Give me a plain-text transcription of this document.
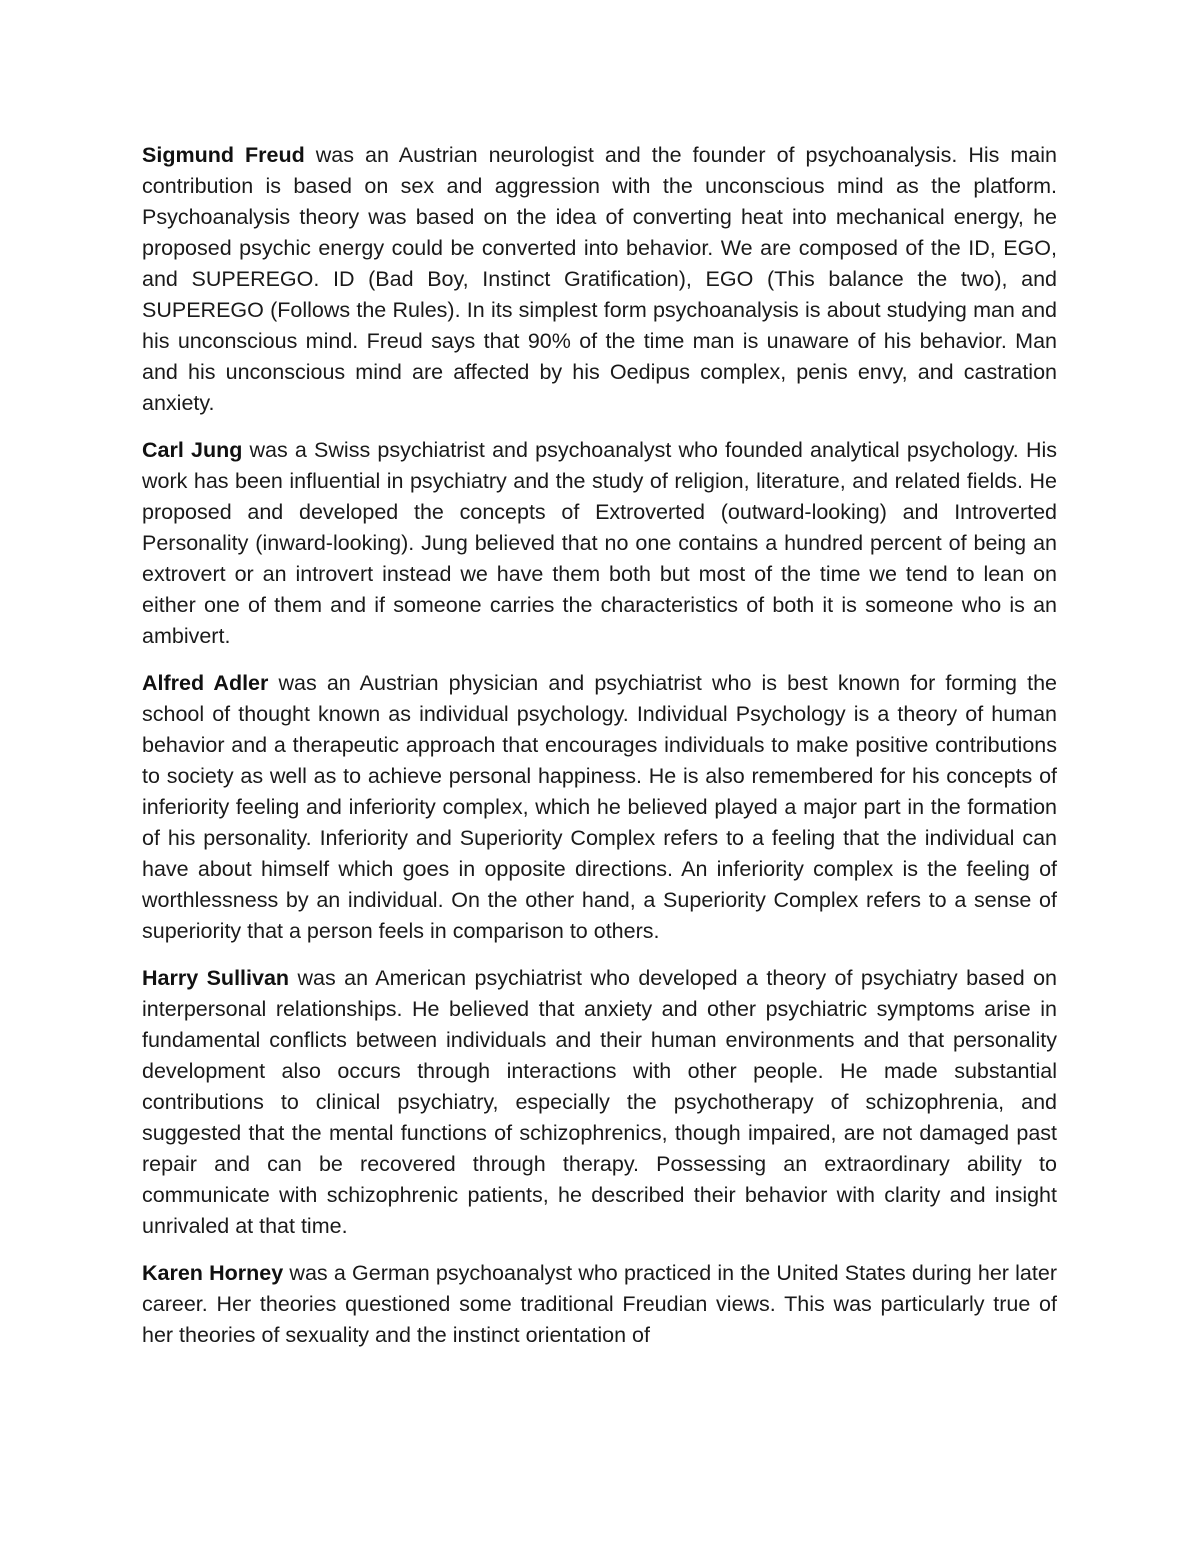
Sigmund Freud was an Austrian neurologist and the founder of psychoanalysis. His main contribution is based on sex and aggression with the unconscious mind as the platform. Psychoanalysis theory was based on the idea of converting heat into mechanical energy, he proposed psychic energy could be converted into behavior. We are composed of the ID, EGO, and SUPEREGO. ID (Bad Boy, Instinct Gratification), EGO (This balance the two), and SUPEREGO (Follows the Rules). In its simplest form psychoanalysis is about studying man and his unconscious mind. Freud says that 90% of the time man is unaware of his behavior. Man and his unconscious mind are affected by his Oedipus complex, penis envy, and castration anxiety.

Carl Jung was a Swiss psychiatrist and psychoanalyst who founded analytical psychology. His work has been influential in psychiatry and the study of religion, literature, and related fields. He proposed and developed the concepts of Extroverted (outward-looking) and Introverted Personality (inward-looking). Jung believed that no one contains a hundred percent of being an extrovert or an introvert instead we have them both but most of the time we tend to lean on either one of them and if someone carries the characteristics of both it is someone who is an ambivert.

Alfred Adler was an Austrian physician and psychiatrist who is best known for forming the school of thought known as individual psychology. Individual Psychology is a theory of human behavior and a therapeutic approach that encourages individuals to make positive contributions to society as well as to achieve personal happiness. He is also remembered for his concepts of inferiority feeling and inferiority complex, which he believed played a major part in the formation of his personality. Inferiority and Superiority Complex refers to a feeling that the individual can have about himself which goes in opposite directions. An inferiority complex is the feeling of worthlessness by an individual. On the other hand, a Superiority Complex refers to a sense of superiority that a person feels in comparison to others.

Harry Sullivan was an American psychiatrist who developed a theory of psychiatry based on interpersonal relationships. He believed that anxiety and other psychiatric symptoms arise in fundamental conflicts between individuals and their human environments and that personality development also occurs through interactions with other people. He made substantial contributions to clinical psychiatry, especially the psychotherapy of schizophrenia, and suggested that the mental functions of schizophrenics, though impaired, are not damaged past repair and can be recovered through therapy. Possessing an extraordinary ability to communicate with schizophrenic patients, he described their behavior with clarity and insight unrivaled at that time.

Karen Horney was a German psychoanalyst who practiced in the United States during her later career. Her theories questioned some traditional Freudian views. This was particularly true of her theories of sexuality and the instinct orientation of
